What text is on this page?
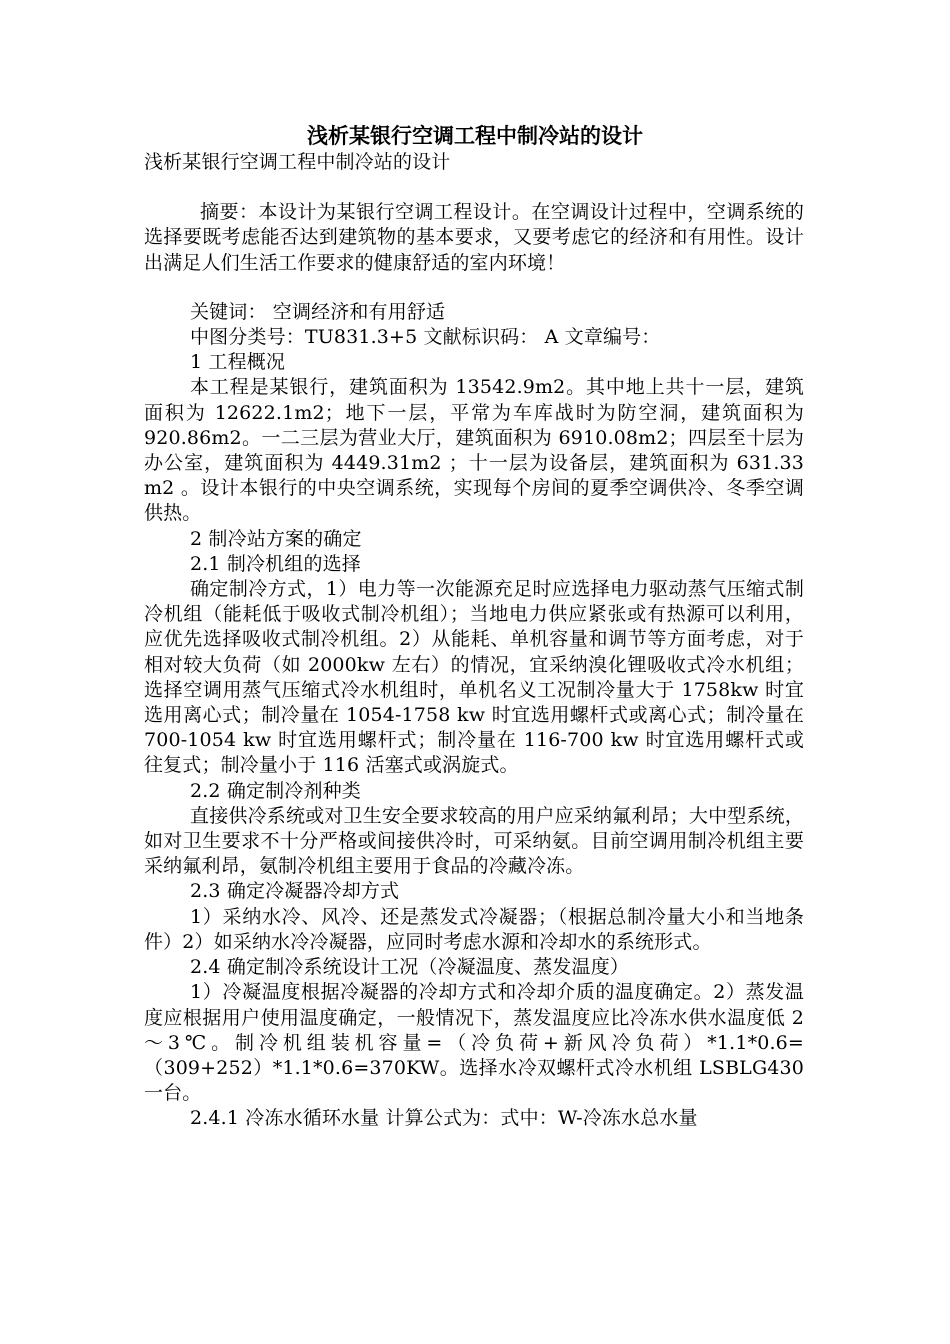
浅析某银行空调工程中制冷站的设计

浅析某银行空调工程中制冷站的设计

摘要：本设计为某银行空调工程设计。在空调设计过程中，空调系统的选择要既考虑能否达到建筑物的基本要求，又要考虑它的经济和有用性。设计出满足人们生活工作要求的健康舒适的室内环境！

关键词： 空调经济和有用舒适

中图分类号：TU831.3+5 文献标识码： A 文章编号：

1 工程概况

本工程是某银行，建筑面积为 13542.9m2。其中地上共十一层，建筑面积为 12622.1m2；地下一层，平常为车库战时为防空洞，建筑面积为 920.86m2。一二三层为营业大厅，建筑面积为 6910.08m2；四层至十层为办公室，建筑面积为 4449.31m2 ；十一层为设备层，建筑面积为 631.33 m2 。设计本银行的中央空调系统，实现每个房间的夏季空调供冷、冬季空调供热。

2 制冷站方案的确定

2.1 制冷机组的选择

确定制冷方式，1）电力等一次能源充足时应选择电力驱动蒸气压缩式制冷机组（能耗低于吸收式制冷机组）；当地电力供应紧张或有热源可以利用，应优先选择吸收式制冷机组。2）从能耗、单机容量和调节等方面考虑，对于相对较大负荷（如 2000kw 左右）的情况，宜采纳溴化锂吸收式冷水机组；选择空调用蒸气压缩式冷水机组时，单机名义工况制冷量大于 1758kw 时宜选用离心式；制冷量在 1054-1758 kw 时宜选用螺杆式或离心式；制冷量在 700-1054 kw 时宜选用螺杆式；制冷量在 116-700 kw 时宜选用螺杆式或往复式；制冷量小于 116 活塞式或涡旋式。

2.2 确定制冷剂种类

直接供冷系统或对卫生安全要求较高的用户应采纳氟利昂；大中型系统，如对卫生要求不十分严格或间接供冷时，可采纳氨。目前空调用制冷机组主要采纳氟利昂，氨制冷机组主要用于食品的冷藏冷冻。

2.3 确定冷凝器冷却方式

1）采纳水冷、风冷、还是蒸发式冷凝器；（根据总制冷量大小和当地条件）2）如采纳水冷冷凝器，应同时考虑水源和冷却水的系统形式。

2.4 确定制冷系统设计工况（冷凝温度、蒸发温度）

1）冷凝温度根据冷凝器的冷却方式和冷却介质的温度确定。2）蒸发温度应根据用户使用温度确定，一般情况下，蒸发温度应比冷冻水供水温度低 2～3℃。制冷机组装机容量=（冷负荷+新风冷负荷）*1.1*0.6=（309+252）*1.1*0.6=370KW。选择水冷双螺杆式冷水机组 LSBLG430 一台。

2.4.1 冷冻水循环水量 计算公式为：式中：W-冷冻水总水量
